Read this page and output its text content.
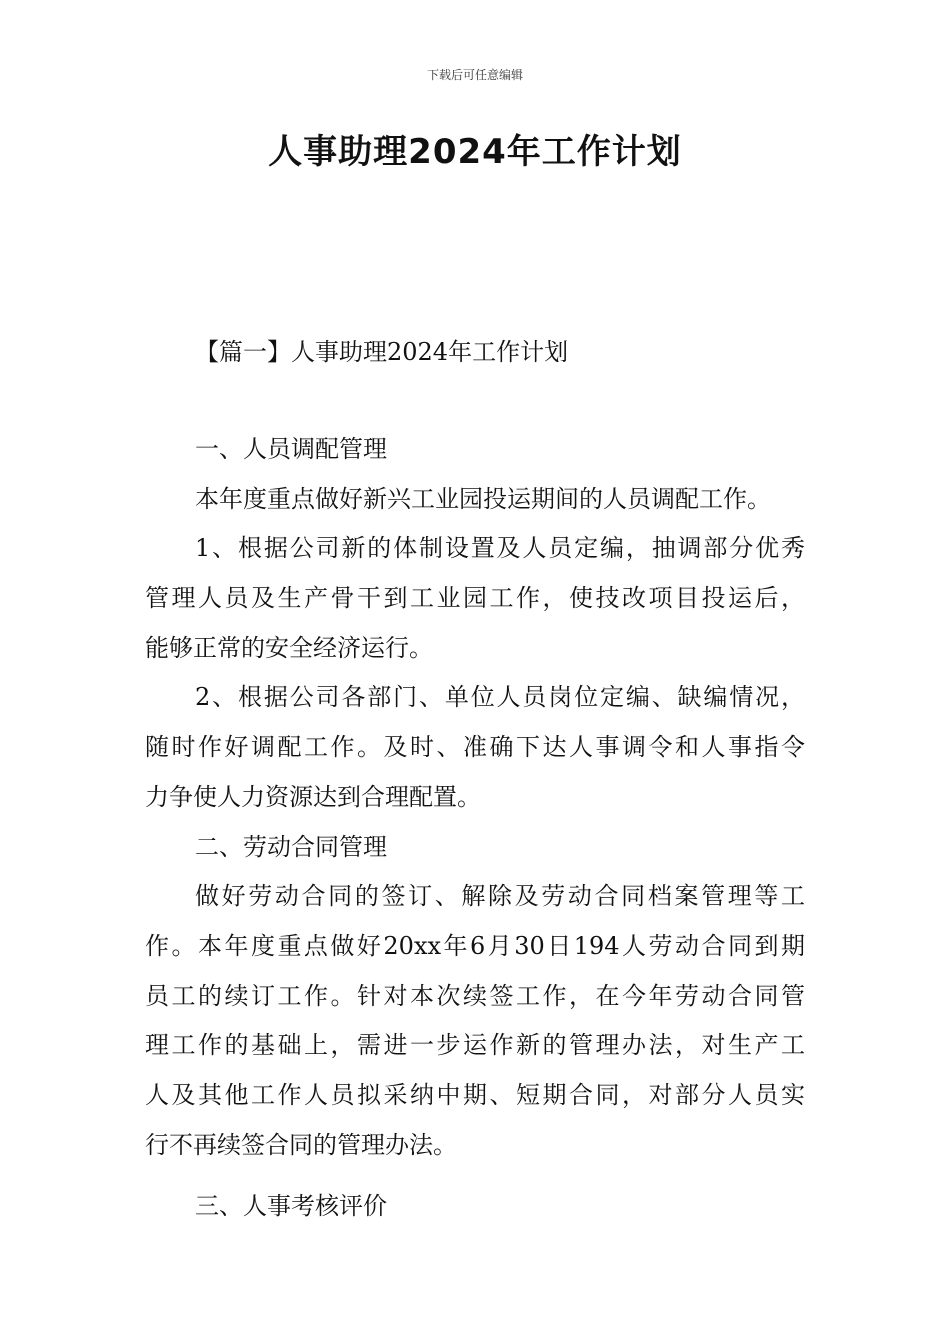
下载后可任意编辑
人事助理2024年工作计划
【篇一】人事助理2024年工作计划
一、人员调配管理
本年度重点做好新兴工业园投运期间的人员调配工作。
1、根据公司新的体制设置及人员定编，抽调部分优秀
管理人员及生产骨干到工业园工作，使技改项目投运后，
能够正常的安全经济运行。
2、根据公司各部门、单位人员岗位定编、缺编情况，
随时作好调配工作。及时、准确下达人事调令和人事指令
力争使人力资源达到合理配置。
二、劳动合同管理
做好劳动合同的签订、解除及劳动合同档案管理等工
作。本年度重点做好20xx年6月30日194人劳动合同到期
员工的续订工作。针对本次续签工作，在今年劳动合同管
理工作的基础上，需进一步运作新的管理办法，对生产工
人及其他工作人员拟采纳中期、短期合同，对部分人员实
行不再续签合同的管理办法。
三、人事考核评价
